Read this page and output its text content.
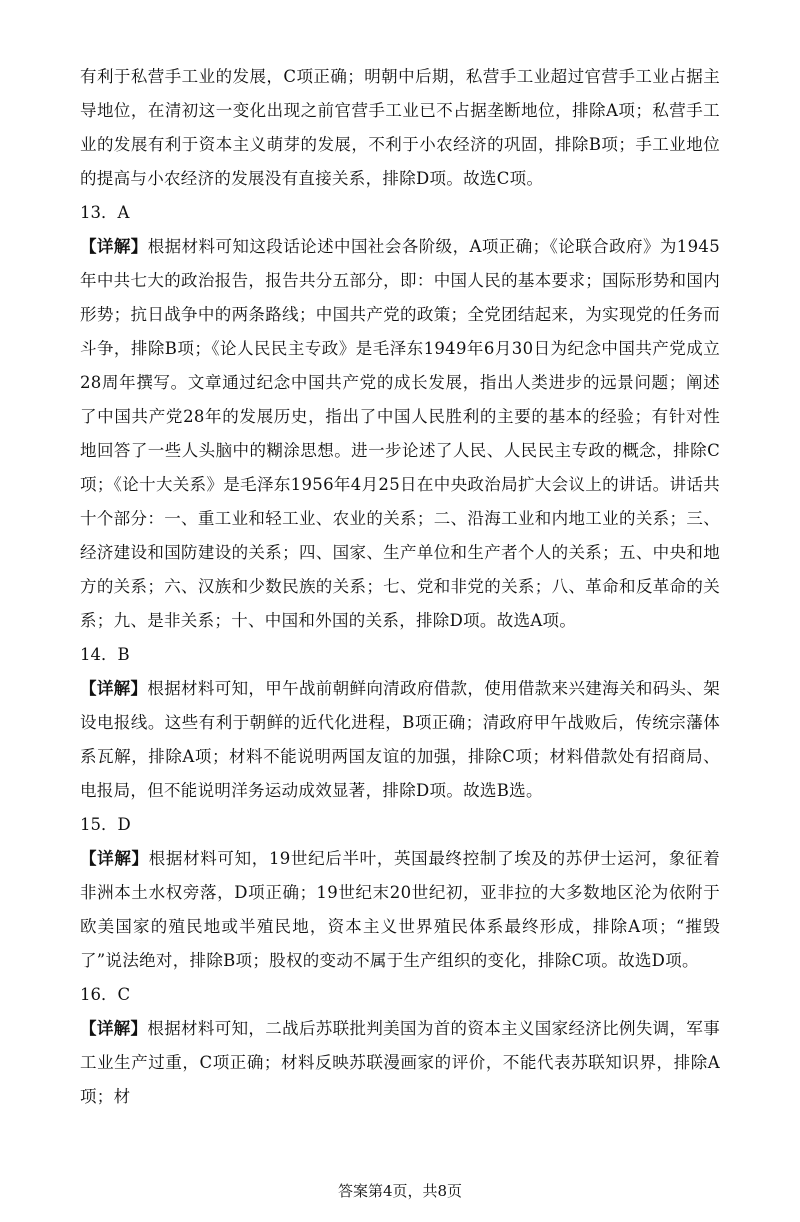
有利于私营手工业的发展，C项正确；明朝中后期，私营手工业超过官营手工业占据主导地位，在清初这一变化出现之前官营手工业已不占据垄断地位，排除A项；私营手工业的发展有利于资本主义萌芽的发展，不利于小农经济的巩固，排除B项；手工业地位的提高与小农经济的发展没有直接关系，排除D项。故选C项。

13．A

【详解】根据材料可知这段话论述中国社会各阶级，A项正确；《论联合政府》为1945年中共七大的政治报告，报告共分五部分，即：中国人民的基本要求；国际形势和国内形势；抗日战争中的两条路线；中国共产党的政策；全党团结起来，为实现党的任务而斗争，排除B项；《论人民民主专政》是毛泽东1949年6月30日为纪念中国共产党成立28周年撰写。文章通过纪念中国共产党的成长发展，指出人类进步的远景问题；阐述了中国共产党28年的发展历史，指出了中国人民胜利的主要的基本的经验；有针对性地回答了一些人头脑中的糊涂思想。进一步论述了人民、人民民主专政的概念，排除C项；《论十大关系》是毛泽东1956年4月25日在中央政治局扩大会议上的讲话。讲话共十个部分：一、重工业和轻工业、农业的关系；二、沿海工业和内地工业的关系；三、经济建设和国防建设的关系；四、国家、生产单位和生产者个人的关系；五、中央和地方的关系；六、汉族和少数民族的关系；七、党和非党的关系；八、革命和反革命的关系；九、是非关系；十、中国和外国的关系，排除D项。故选A项。

14．B

【详解】根据材料可知，甲午战前朝鲜向清政府借款，使用借款来兴建海关和码头、架设电报线。这些有利于朝鲜的近代化进程，B项正确；清政府甲午战败后，传统宗藩体系瓦解，排除A项；材料不能说明两国友谊的加强，排除C项；材料借款处有招商局、电报局，但不能说明洋务运动成效显著，排除D项。故选B选。

15．D

【详解】根据材料可知，19世纪后半叶，英国最终控制了埃及的苏伊士运河，象征着非洲本土水权旁落，D项正确；19世纪末20世纪初，亚非拉的大多数地区沦为依附于欧美国家的殖民地或半殖民地，资本主义世界殖民体系最终形成，排除A项；“摧毁了”说法绝对，排除B项；股权的变动不属于生产组织的变化，排除C项。故选D项。

16．C

【详解】根据材料可知，二战后苏联批判美国为首的资本主义国家经济比例失调，军事工业生产过重，C项正确；材料反映苏联漫画家的评价，不能代表苏联知识界，排除A项；材

答案第4页，共8页
